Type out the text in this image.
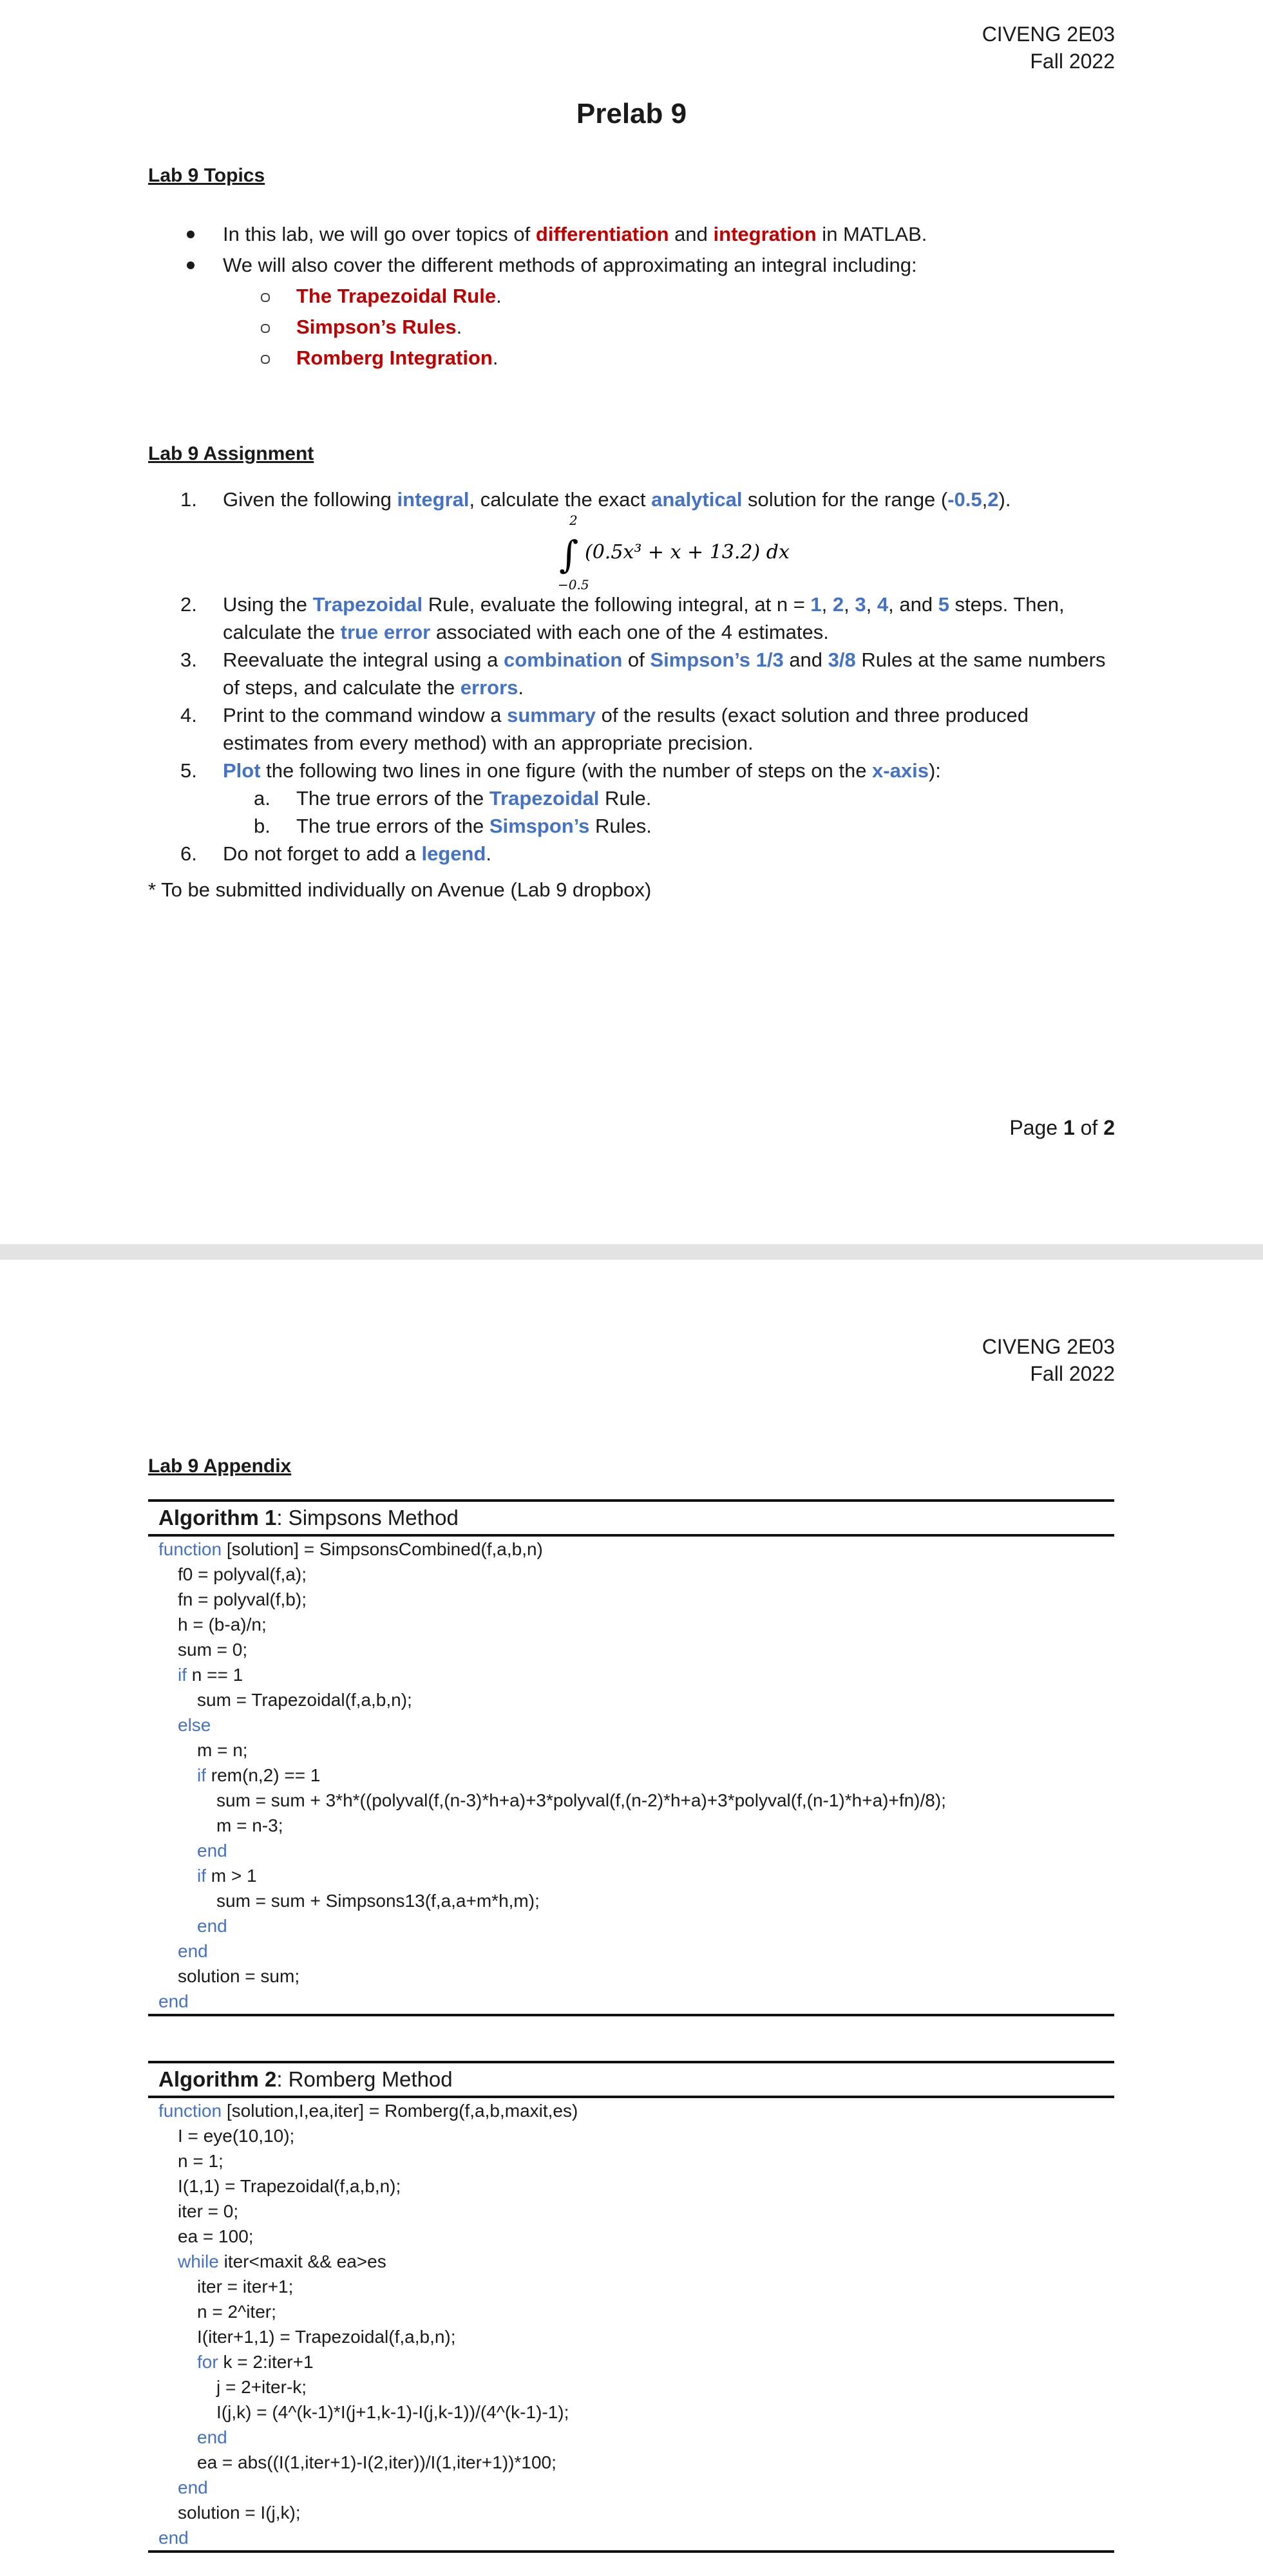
CIVENG 2E03
Fall 2022
Prelab 9
Lab 9 Topics
In this lab, we will go over topics of differentiation and integration in MATLAB.
We will also cover the different methods of approximating an integral including:
The Trapezoidal Rule.
Simpson’s Rules.
Romberg Integration.
Lab 9 Assignment
1. Given the following integral, calculate the exact analytical solution for the range (-0.5,2).
2
∫
−0.5
(0.5x³ + x + 13.2) dx
2. Using the Trapezoidal Rule, evaluate the following integral, at n = 1, 2, 3, 4, and 5 steps. Then, calculate the true error associated with each one of the 4 estimates.
3. Reevaluate the integral using a combination of Simpson’s 1/3 and 3/8 Rules at the same numbers of steps, and calculate the errors.
4. Print to the command window a summary of the results (exact solution and three produced estimates from every method) with an appropriate precision.
5. Plot the following two lines in one figure (with the number of steps on the x-axis):
a. The true errors of the Trapezoidal Rule.
b. The true errors of the Simspon’s Rules.
6. Do not forget to add a legend.
* To be submitted individually on Avenue (Lab 9 dropbox)
Page 1 of 2
CIVENG 2E03
Fall 2022
Lab 9 Appendix
Algorithm 1: Simpsons Method
function [solution] = SimpsonsCombined(f,a,b,n)
f0 = polyval(f,a);
fn = polyval(f,b);
h = (b-a)/n;
sum = 0;
if n == 1
sum = Trapezoidal(f,a,b,n);
else
m = n;
if rem(n,2) == 1
sum = sum + 3*h*((polyval(f,(n-3)*h+a)+3*polyval(f,(n-2)*h+a)+3*polyval(f,(n-1)*h+a)+fn)/8);
m = n-3;
end
if m > 1
sum = sum + Simpsons13(f,a,a+m*h,m);
end
end
solution = sum;
end
Algorithm 2: Romberg Method
function [solution,I,ea,iter] = Romberg(f,a,b,maxit,es)
I = eye(10,10);
n = 1;
I(1,1) = Trapezoidal(f,a,b,n);
iter = 0;
ea = 100;
while iter<maxit && ea>es
iter = iter+1;
n = 2^iter;
I(iter+1,1) = Trapezoidal(f,a,b,n);
for k = 2:iter+1
j = 2+iter-k;
I(j,k) = (4^(k-1)*I(j+1,k-1)-I(j,k-1))/(4^(k-1)-1);
end
ea = abs((I(1,iter+1)-I(2,iter))/I(1,iter+1))*100;
end
solution = I(j,k);
end
